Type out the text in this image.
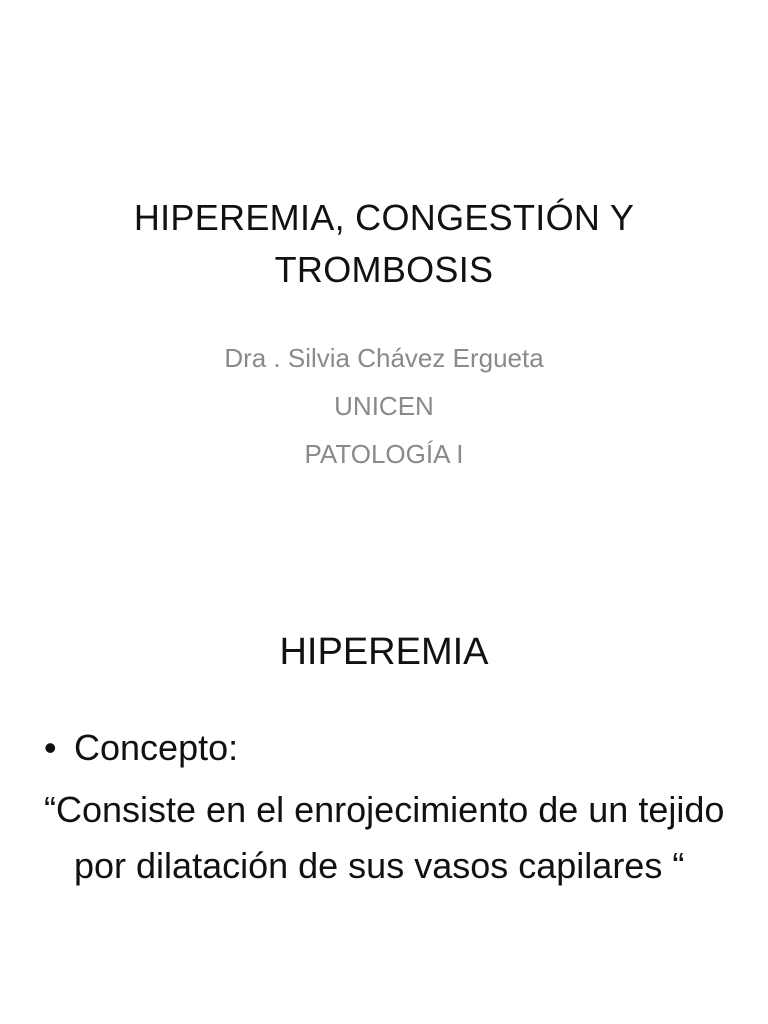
HIPEREMIA, CONGESTIÓN Y
TROMBOSIS
Dra . Silvia Chávez Ergueta
UNICEN
PATOLOGÍA I
HIPEREMIA
• Concepto:
“Consiste en el enrojecimiento de un tejido por dilatación de sus vasos capilares “
